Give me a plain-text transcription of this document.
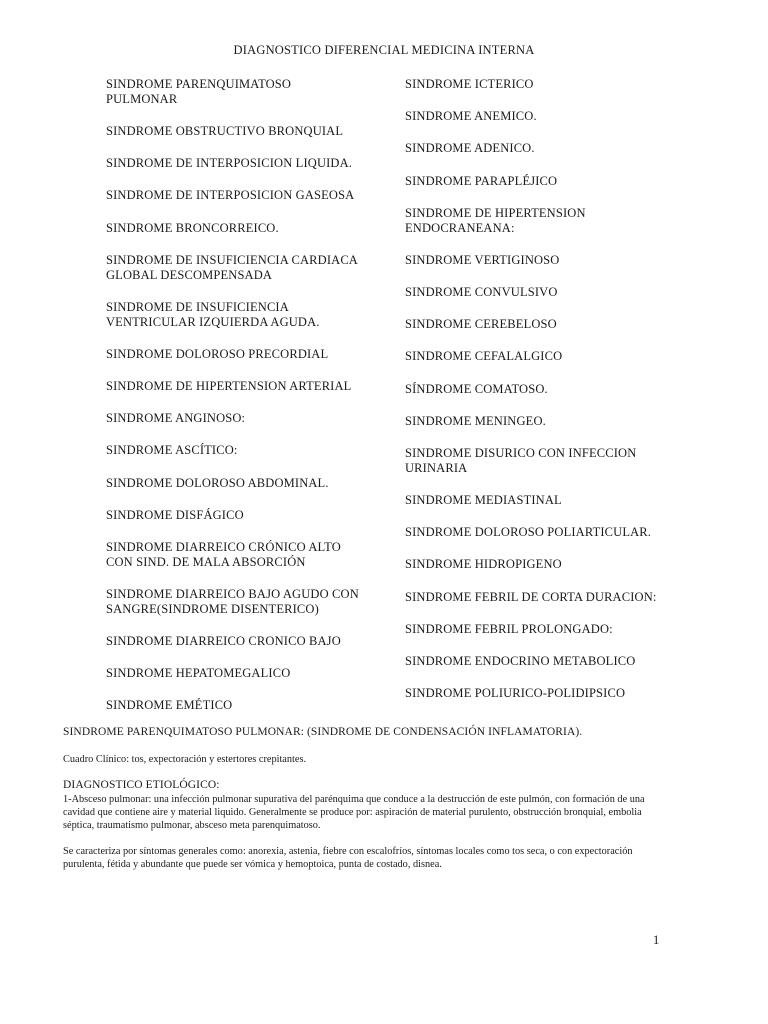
DIAGNOSTICO DIFERENCIAL MEDICINA INTERNA
SINDROME PARENQUIMATOSO
PULMONAR
SINDROME OBSTRUCTIVO BRONQUIAL
SINDROME DE INTERPOSICION LIQUIDA.
SINDROME DE INTERPOSICION GASEOSA
SINDROME BRONCORREICO.
SINDROME DE INSUFICIENCIA CARDIACA
GLOBAL DESCOMPENSADA
SINDROME DE INSUFICIENCIA
VENTRICULAR IZQUIERDA AGUDA.
SINDROME DOLOROSO PRECORDIAL
SINDROME DE HIPERTENSION ARTERIAL
SINDROME ANGINOSO:
SINDROME ASCÍTICO:
SINDROME DOLOROSO ABDOMINAL.
SINDROME DISFÁGICO
SINDROME DIARREICO CRÓNICO ALTO
CON SIND. DE MALA ABSORCIÓN
SINDROME DIARREICO BAJO AGUDO CON
SANGRE(SINDROME DISENTERICO)
SINDROME DIARREICO CRONICO BAJO
SINDROME HEPATOMEGALICO
SINDROME EMÉTICO
SINDROME ICTERICO
SINDROME ANEMICO.
SINDROME ADENICO.
SINDROME PARAPLÉJICO
SINDROME DE HIPERTENSION
ENDOCRANEANA:
SINDROME VERTIGINOSO
SINDROME CONVULSIVO
SINDROME CEREBELOSO
SINDROME CEFALALGICO
SÍNDROME COMATOSO.
SINDROME MENINGEO.
SINDROME DISURICO CON INFECCION
URINARIA
SINDROME MEDIASTINAL
SINDROME DOLOROSO POLIARTICULAR.
SINDROME HIDROPIGENO
SINDROME FEBRIL DE CORTA DURACION:
SINDROME FEBRIL PROLONGADO:
SINDROME ENDOCRINO METABOLICO
SINDROME POLIURICO-POLIDIPSICO
SINDROME PARENQUIMATOSO PULMONAR: (SINDROME DE CONDENSACIÓN INFLAMATORIA).
Cuadro Clínico: tos, expectoración y estertores crepitantes.
DIAGNOSTICO ETIOLÓGICO:
1-Absceso pulmonar: una infección pulmonar supurativa del parénquima que conduce a la destrucción de este pulmón, con formación de una
cavidad que contiene aire y material liquido. Generalmente se produce por: aspiración de material purulento, obstrucción bronquial, embolia
séptica, traumatismo pulmonar, absceso meta parenquimatoso.
Se caracteriza por síntomas generales como: anorexia, astenia, fiebre con escalofríos, síntomas locales como tos seca, o con expectoración
purulenta, fétida y abundante que puede ser vómica y hemoptoica, punta de costado, disnea.
1
